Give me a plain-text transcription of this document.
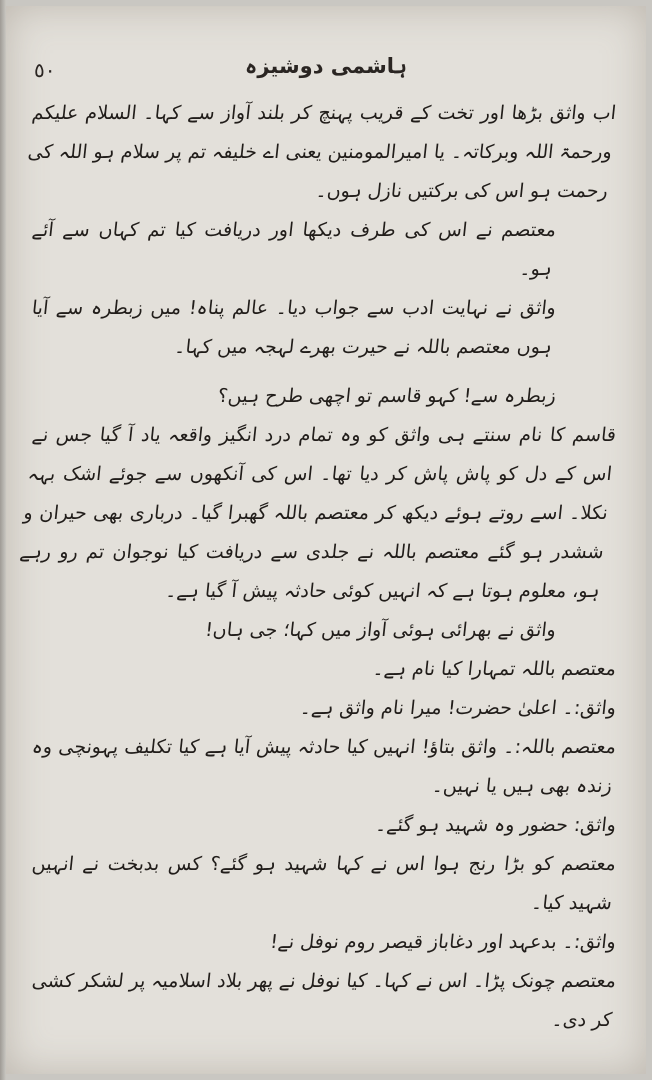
٥٠	ہاشمی دوشیزہ

اب واثق بڑھا اور تخت کے قریب پہنچ کر بلند آواز سے کہا۔ السلام علیکم ورحمۃ اللہ وبرکاتہ۔ یا امیرالمومنین یعنی اے خلیفہ تم پر سلام ہو اللہ کی رحمت ہو اس کی برکتیں نازل ہوں۔

معتصم نے اس کی طرف دیکھا اور دریافت کیا تم کہاں سے آئے ہو۔

واثق نے نہایت ادب سے جواب دیا۔ عالم پناہ! میں زبطرہ سے آیا ہوں معتصم باللہ نے حیرت بھرے لہجہ میں کہا۔

زبطرہ سے! کہو قاسم تو اچھی طرح ہیں؟

قاسم کا نام سنتے ہی واثق کو وہ تمام درد انگیز واقعہ یاد آ گیا جس نے اس کے دل کو پاش پاش کر دیا تھا۔ اس کی آنکھوں سے جوئے اشک بہہ نکلا۔ اسے روتے ہوئے دیکھ کر معتصم باللہ گھبرا گیا۔ درباری بھی حیران و ششدر ہو گئے معتصم باللہ نے جلدی سے دریافت کیا نوجوان تم رو رہے ہو، معلوم ہوتا ہے کہ انہیں کوئی حادثہ پیش آ گیا ہے۔

واثق نے بھرائی ہوئی آواز میں کہا؛ جی ہاں!

معتصم باللہ تمہارا کیا نام ہے۔

واثق:۔ اعلیٰ حضرت! میرا نام واثق ہے۔

معتصم باللہ:۔ واثق بتاؤ! انہیں کیا حادثہ پیش آیا ہے کیا تکلیف پہونچی وہ زندہ بھی ہیں یا نہیں۔

واثق: حضور وہ شہید ہو گئے۔

معتصم کو بڑا رنج ہوا اس نے کہا شہید ہو گئے؟ کس بدبخت نے انہیں شہید کیا۔

واثق:۔ بدعہد اور دغاباز قیصر روم نوفل نے!

معتصم چونک پڑا۔ اس نے کہا۔ کیا نوفل نے پھر بلاد اسلامیہ پر لشکر کشی کر دی۔
